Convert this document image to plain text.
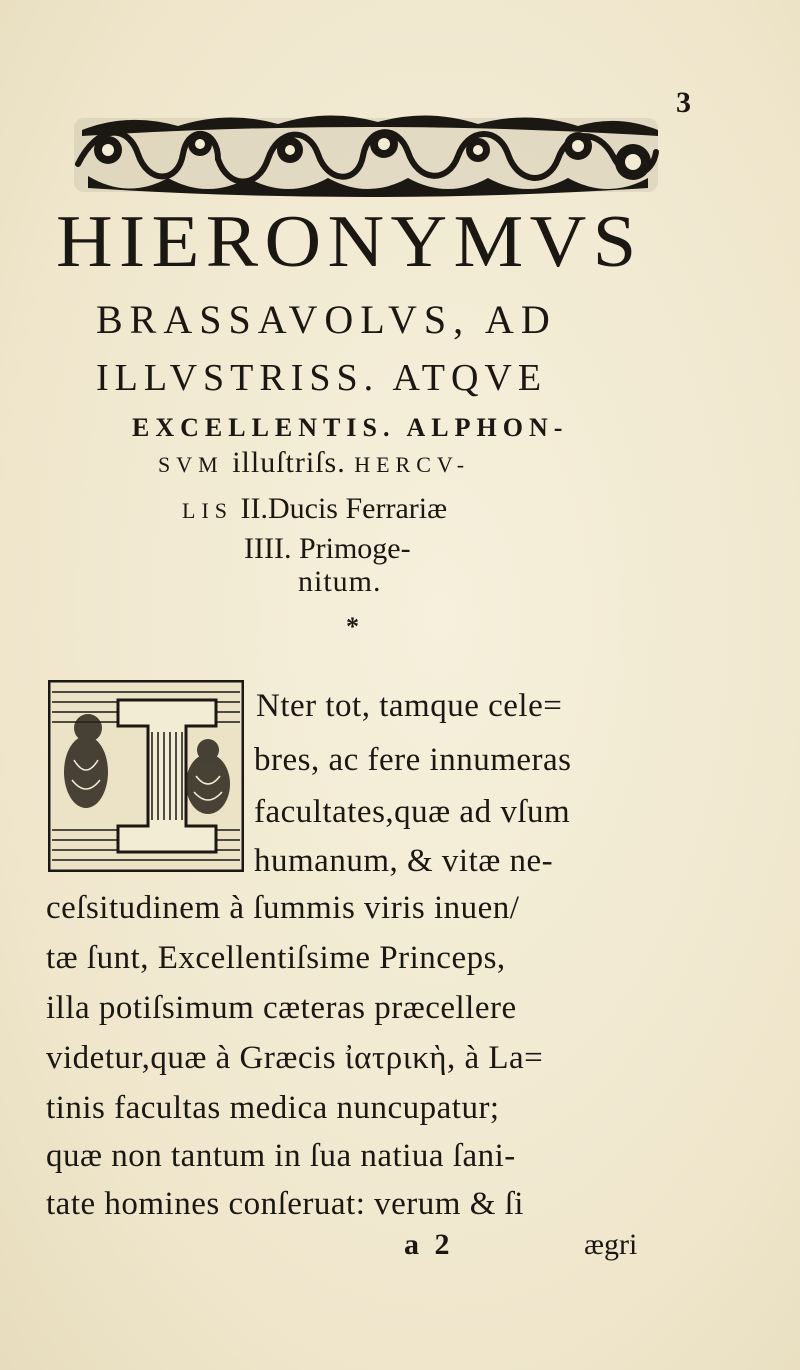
3
HIERONYMVS
BRASSAVOLVS, AD
ILLVSTRISS. ATQVE
EXCELLENTIS. ALPHON-
SVM illuſtriſs. HERCV-
LIS II.Ducis Ferrariæ
IIII. Primoge-
nitum.
*
Nter tot, tamque cele=
bres, ac fere innumeras
facultates,quæ ad vſum
humanum, & vitæ ne-
ceſsitudinem à ſummis viris inuen/
tæ ſunt, Excellentiſsime Princeps,
illa potiſsimum cæteras præcellere
videtur,quæ à Græcis ἰατρικὴ, à La=
tinis facultas medica nuncupatur;
quæ non tantum in ſua natiua ſani-
tate homines conſeruat: verum & ſi
a 2	ægri
